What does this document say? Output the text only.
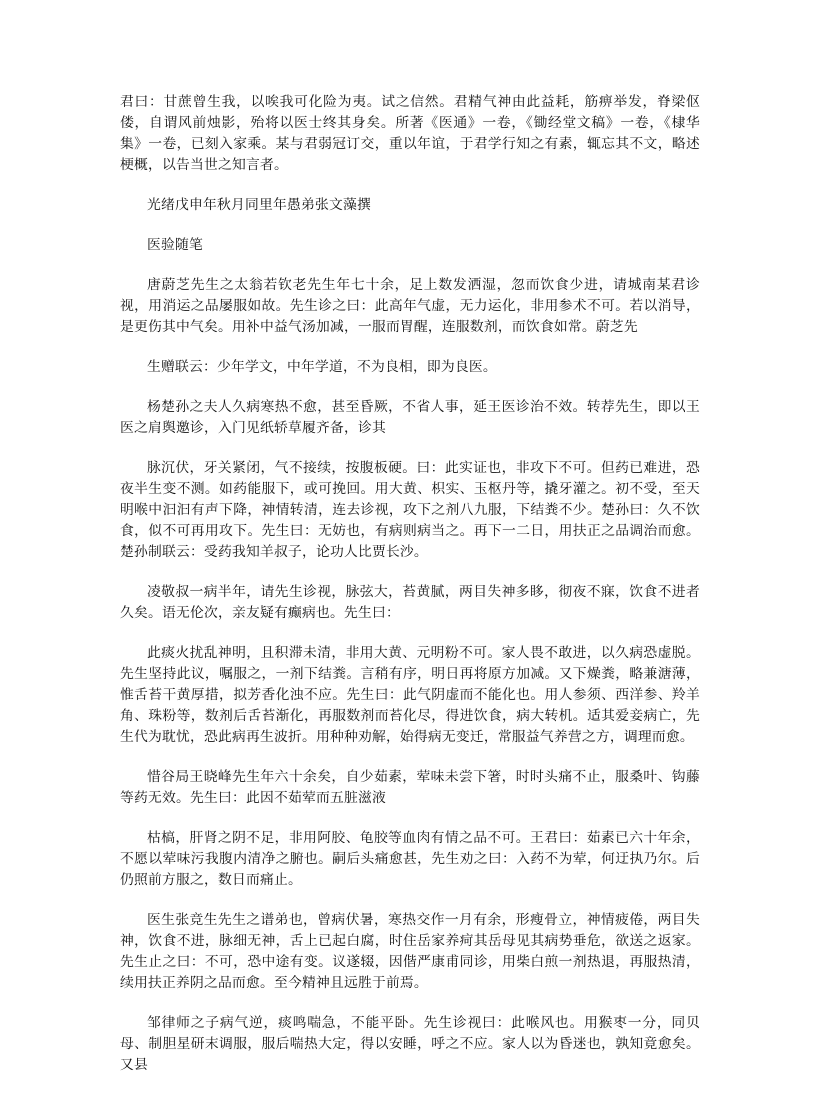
君曰：甘蔗曾生我，以唉我可化险为夷。试之信然。君精气神由此益耗，筋痹举发，脊梁伛偻，自谓风前烛影，殆将以医士终其身矣。所著《医通》一卷，《锄经堂文稿》一卷，《棣华集》一卷，已刻入家乘。某与君弱冠订交，重以年谊，于君学行知之有素，辄忘其不文，略述梗概，以告当世之知言者。

光绪戊申年秋月同里年愚弟张文藻撰

医验随笔

唐蔚芝先生之太翁若钦老先生年七十余，足上数发洒湿，忽而饮食少进，请城南某君诊视，用消运之品屡服如故。先生诊之曰：此高年气虚，无力运化，非用参术不可。若以消导，是更伤其中气矣。用补中益气汤加减，一服而胃醒，连服数剂，而饮食如常。蔚芝先

生赠联云：少年学文，中年学道，不为良相，即为良医。

杨楚孙之夫人久病寒热不愈，甚至昏厥，不省人事，延王医诊治不效。转荐先生，即以王医之肩舆邀诊，入门见纸轿草履齐备，诊其

脉沉伏，牙关紧闭，气不接续，按腹板硬。曰：此实证也，非攻下不可。但药已难进，恐夜半生变不测。如药能服下，或可挽回。用大黄、枳实、玉枢丹等，撬牙灌之。初不受，至天明喉中汩汩有声下降，神情转清，连去诊视，攻下之剂八九服，下结粪不少。楚孙曰：久不饮食，似不可再用攻下。先生曰：无妨也，有病则病当之。再下一二日，用扶正之品调治而愈。楚孙制联云：受药我知羊叔子，论功人比贾长沙。

凌敬叔一病半年，请先生诊视，脉弦大，苔黄腻，两目失神多眵，彻夜不寐，饮食不进者久矣。语无伦次，亲友疑有癫病也。先生曰：

此痰火扰乱神明，且积滞未清，非用大黄、元明粉不可。家人畏不敢进，以久病恐虚脱。先生坚持此议，嘱服之，一剂下结粪。言稍有序，明日再将原方加减。又下燥粪，略兼溏薄，惟舌苔干黄厚措，拟芳香化浊不应。先生曰：此气阴虚而不能化也。用人参须、西洋参、羚羊角、珠粉等，数剂后舌苔渐化，再服数剂而苔化尽，得进饮食，病大转机。适其爱妾病亡，先生代为耽忧，恐此病再生波折。用种种劝解，始得病无变迁，常服益气养营之方，调理而愈。

惜谷局王晓峰先生年六十余矣，自少茹素，荤味未尝下箸，时时头痛不止，服桑叶、钩藤等药无效。先生曰：此因不茹荤而五脏滋液

枯槁，肝肾之阴不足，非用阿胶、龟胶等血肉有情之品不可。王君曰：茹素已六十年余，不愿以荤味污我腹内清净之腑也。嗣后头痛愈甚，先生劝之曰：入药不为荤，何迂执乃尔。后仍照前方服之，数日而痛止。

医生张竞生先生之谱弟也，曾病伏暑，寒热交作一月有余，形瘦骨立，神情疲倦，两目失神，饮食不进，脉细无神，舌上已起白腐，时住岳家养疴其岳母见其病势垂危，欲送之返家。先生止之曰：不可，恐中途有变。议遂辍，因偕严康甫同诊，用柴白煎一剂热退，再服热清，续用扶正养阴之品而愈。至今精神且远胜于前焉。

邹律师之子病气逆，痰鸣喘急，不能平卧。先生诊视曰：此喉风也。用猴枣一分，同贝母、制胆星研末调服，服后喘热大定，得以安睡，呼之不应。家人以为昏迷也，孰知竟愈矣。又县
